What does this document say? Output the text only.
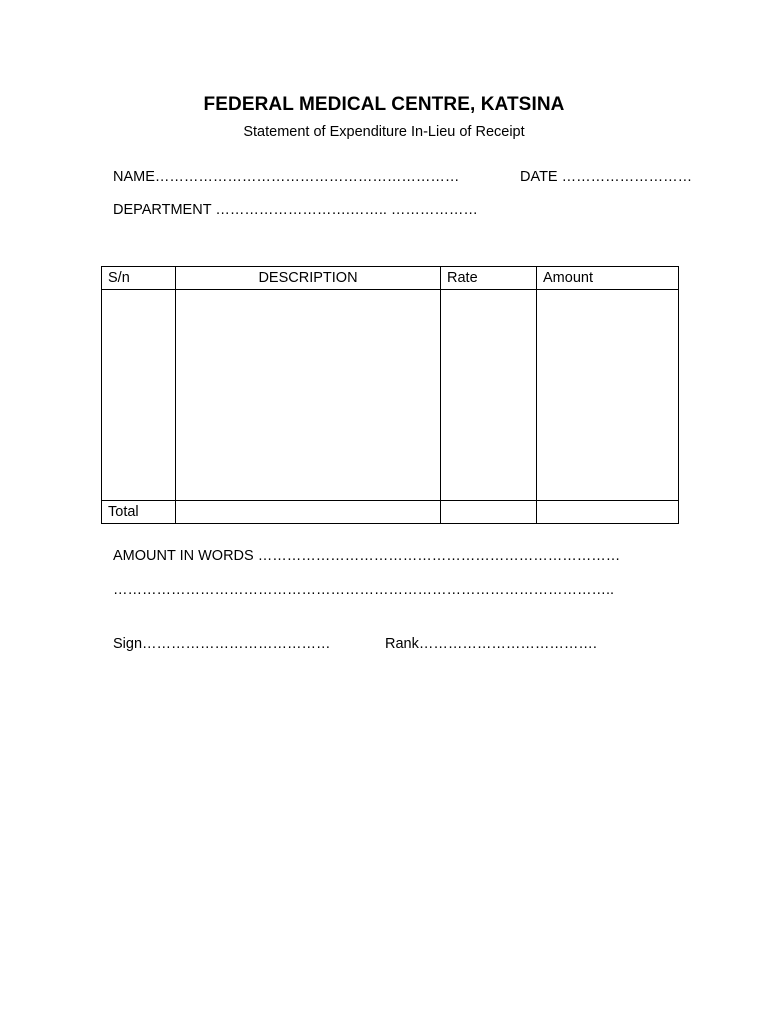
FEDERAL MEDICAL CENTRE, KATSINA
Statement of Expenditure In-Lieu of Receipt
NAME………………………………………………………	DATE ………………………
DEPARTMENT ……………………….…….. ………………
S/n	DESCRIPTION	Rate	Amount

Total			
AMOUNT IN WORDS …………………………………………………………………
…………………………………………………………………………………………..
Sign…………………………………	Rank……………………………….
